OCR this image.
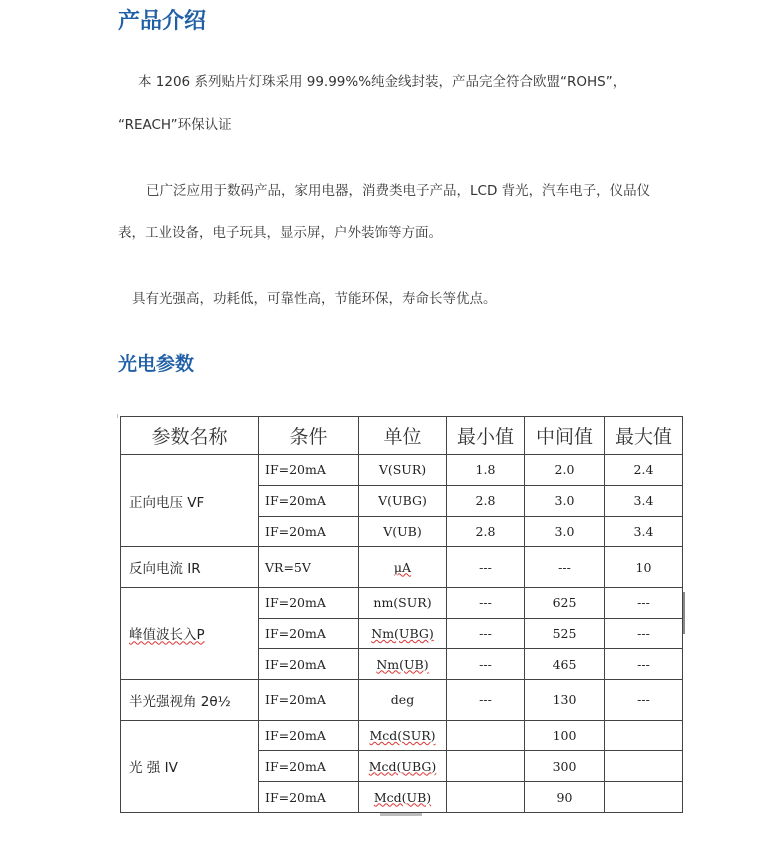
产品介绍

本 1206 系列贴片灯珠采用 99.99%%纯金线封装，产品完全符合欧盟“ROHS”，

“REACH”环保认证

已广泛应用于数码产品，家用电器，消费类电子产品，LCD 背光，汽车电子，仪品仪

表，工业设备，电子玩具，显示屏，户外装饰等方面。

具有光强高，功耗低，可靠性高，节能环保，寿命长等优点。

光电参数
参数名称	条件	单位	最小值	中间值	最大值
正向电压 VF	IF=20mA	V(SUR)	1.8	2.0	2.4
	IF=20mA	V(UBG)	2.8	3.0	3.4
	IF=20mA	V(UB)	2.8	3.0	3.4
反向电流 IR	VR=5V	μA	---	---	10
峰值波长入P	IF=20mA	nm(SUR)	---	625	---
	IF=20mA	Nm(UBG)	---	525	---
	IF=20mA	Nm(UB)	---	465	---
半光强视角 2θ½	IF=20mA	deg	---	130	---
光 强 IV	IF=20mA	Mcd(SUR)		100	
	IF=20mA	Mcd(UBG)		300	
	IF=20mA	Mcd(UB)		90	
